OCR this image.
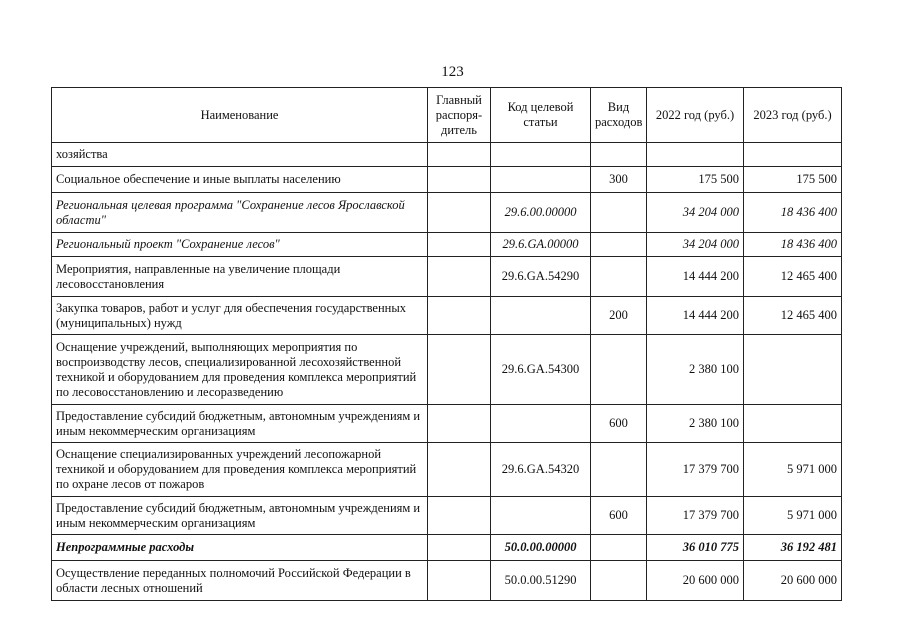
123
Наименование	Главный распоря-дитель	Код целевой статьи	Вид расходов	2022 год (руб.)	2023 год (руб.)
хозяйства					
Социальное обеспечение и иные выплаты населению			300	175 500	175 500
Региональная целевая программа "Сохранение лесов Ярославской области"		29.6.00.00000		34 204 000	18 436 400
Региональный проект "Сохранение лесов"		29.6.GA.00000		34 204 000	18 436 400
Мероприятия, направленные на увеличение площади лесовосстановления		29.6.GA.54290		14 444 200	12 465 400
Закупка товаров, работ и услуг для обеспечения государственных (муниципальных) нужд			200	14 444 200	12 465 400
Оснащение учреждений, выполняющих мероприятия по воспроизводству лесов, специализированной лесохозяйственной техникой и оборудованием для проведения комплекса мероприятий по лесовосстановлению и лесоразведению		29.6.GA.54300		2 380 100	
Предоставление субсидий бюджетным, автономным учреждениям и иным некоммерческим организациям			600	2 380 100	
Оснащение специализированных учреждений лесопожарной техникой и оборудованием для проведения комплекса мероприятий по охране лесов от пожаров		29.6.GA.54320		17 379 700	5 971 000
Предоставление субсидий бюджетным, автономным учреждениям и иным некоммерческим организациям			600	17 379 700	5 971 000
Непрограммные расходы		50.0.00.00000		36 010 775	36 192 481
Осуществление переданных полномочий Российской Федерации в области лесных отношений		50.0.00.51290		20 600 000	20 600 000
